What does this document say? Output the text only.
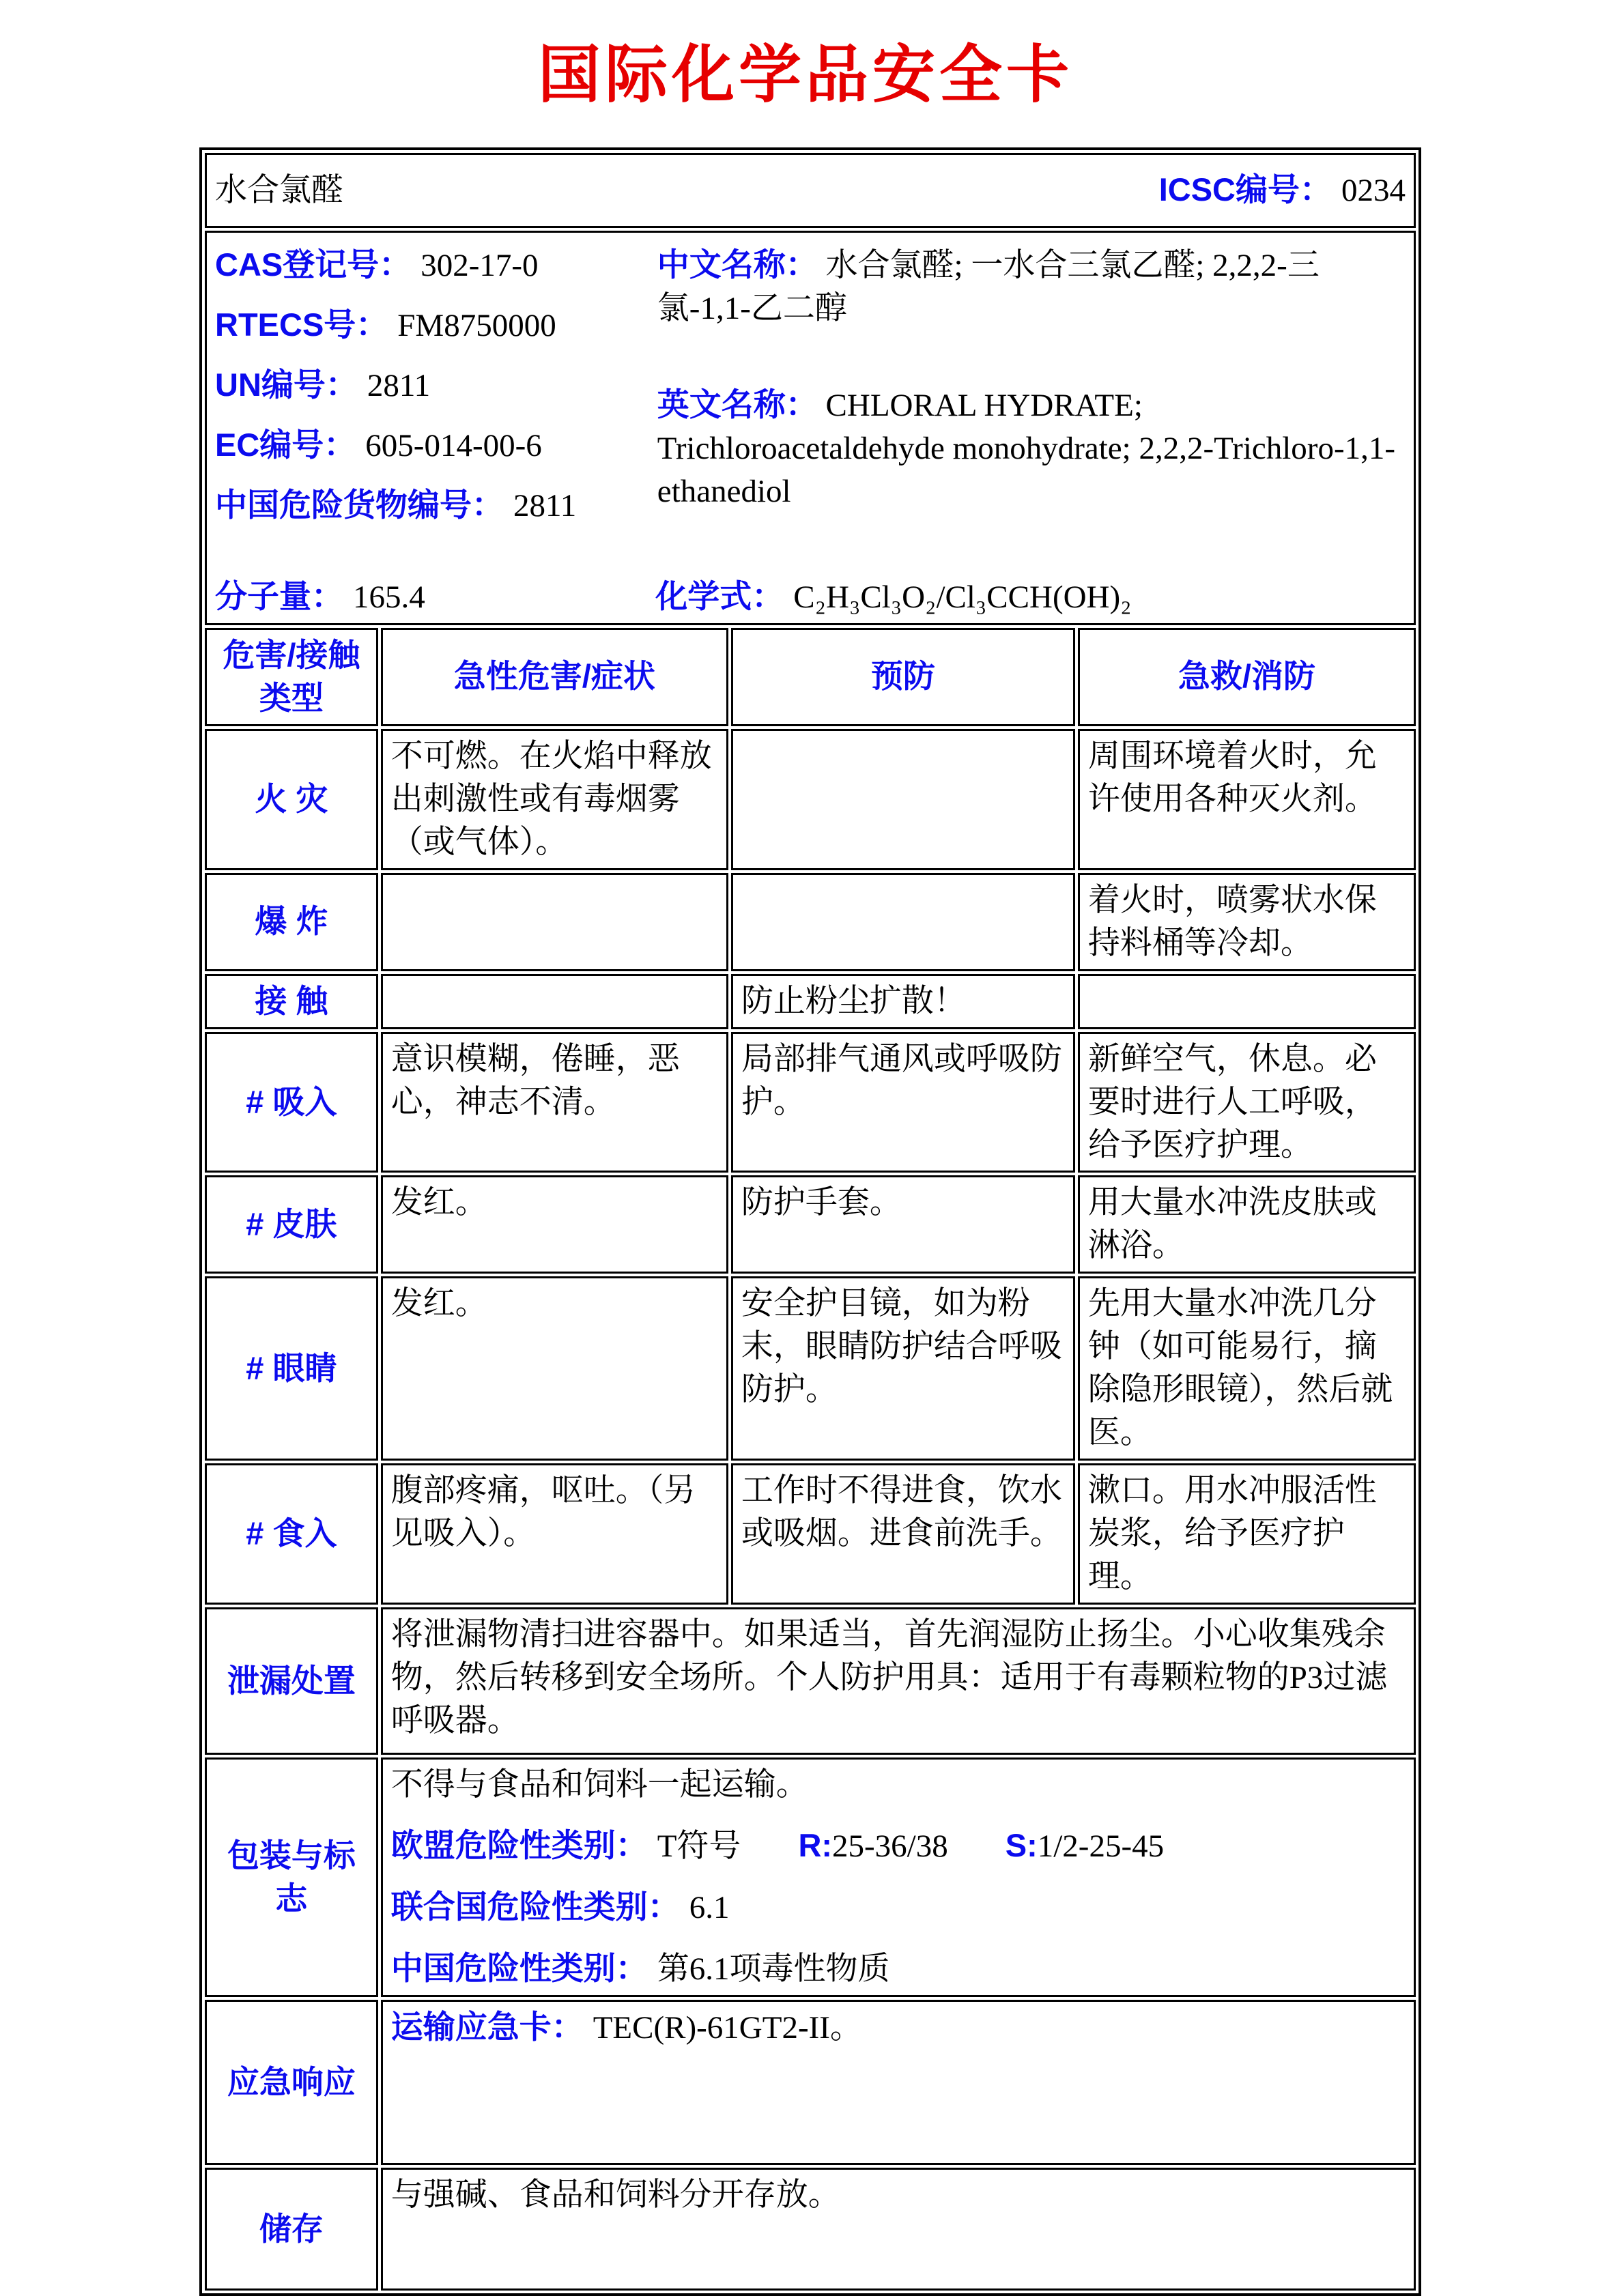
国际化学品安全卡
水合氯醛 ICSC编号： 0234			

CAS登记号： 302-17-0
RTECS号： FM8750000
UN编号： 2811
EC编号： 605-014-00-6
中国危险货物编号： 2811

中文名称： 水合氯醛; 一水合三氯乙醛; 2,2,2-三氯-1,1-乙二醇

英文名称： CHLORAL HYDRATE; Trichloroacetaldehyde monohydrate; 2,2,2-Trichloro-1,1-ethanediol

分子量： 165.4	化学式： C₂H₃Cl₃O₂/Cl₃CCH(OH)₂

危害/接触类型	急性危害/症状	预防	急救/消防
火 灾	不可燃。在火焰中释放出刺激性或有毒烟雾（或气体）。		周围环境着火时，允许使用各种灭火剂。
爆 炸			着火时，喷雾状水保持料桶等冷却。
接 触		防止粉尘扩散！	
# 吸入	意识模糊，倦睡，恶心，神志不清。	局部排气通风或呼吸防护。	新鲜空气，休息。必要时进行人工呼吸，给予医疗护理。
# 皮肤	发红。	防护手套。	用大量水冲洗皮肤或淋浴。
# 眼睛	发红。	安全护目镜，如为粉末，眼睛防护结合呼吸防护。	先用大量水冲洗几分钟（如可能易行，摘除隐形眼镜），然后就医。
# 食入	腹部疼痛，呕吐。（另见吸入）。	工作时不得进食，饮水或吸烟。进食前洗手。	漱口。用水冲服活性炭浆，给予医疗护理。
泄漏处置	将泄漏物清扫进容器中。如果适当，首先润湿防止扬尘。小心收集残余物，然后转移到安全场所。个人防护用具：适用于有毒颗粒物的P3过滤呼吸器。		
包装与标志	不得与食品和饲料一起运输。

欧盟危险性类别： T符号 R:25-36/38 S:1/2-25-45

联合国危险性类别： 6.1

中国危险性类别： 第6.1项毒性物质		

应急响应	运输应急卡： TEC(R)-61GT2-II。		
储存	与强碱、食品和饲料分开存放。		
